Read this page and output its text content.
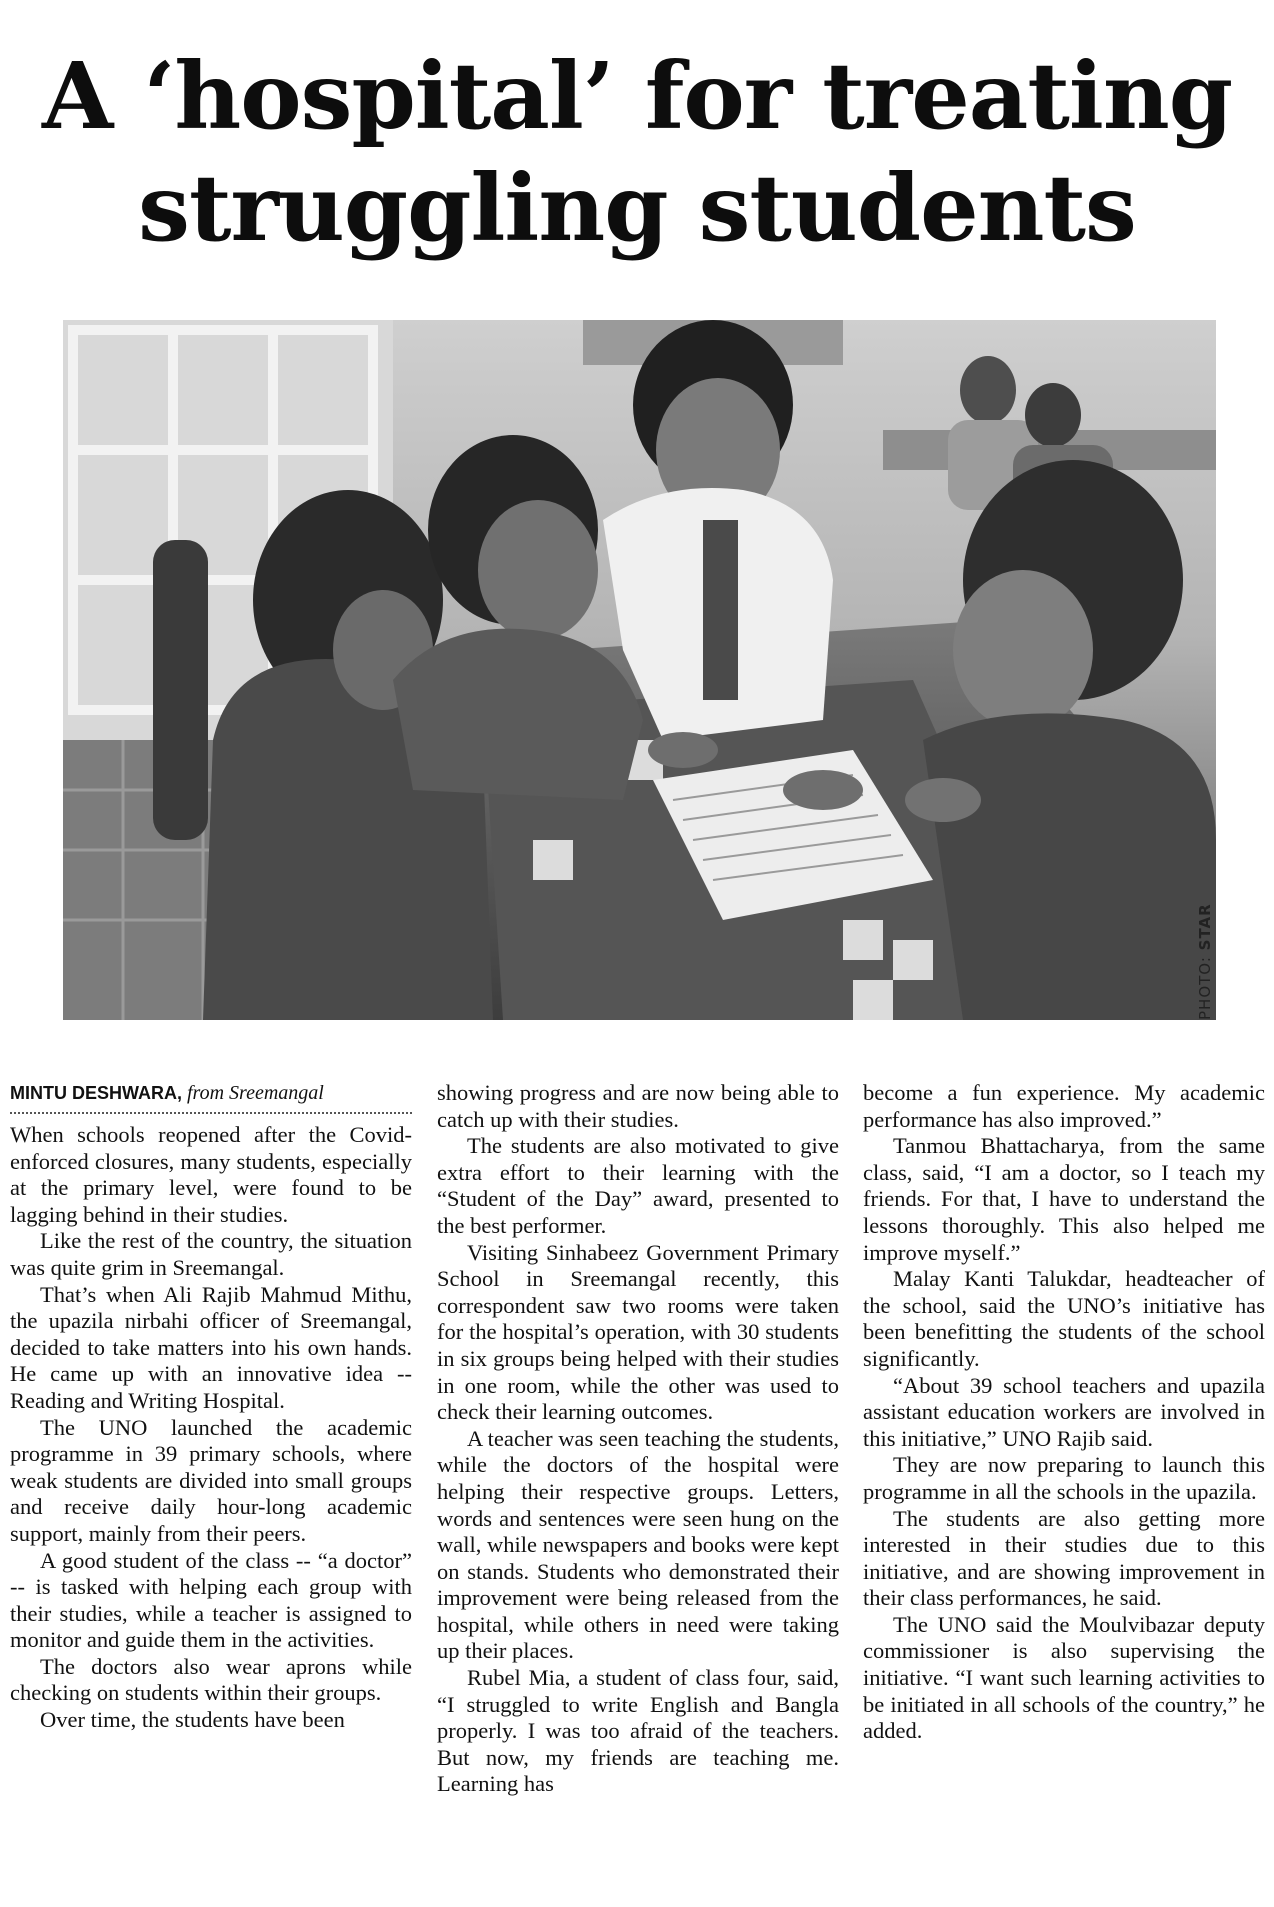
A ‘hospital’ for treating
struggling students
PHOTO: STAR
MINTU DESHWARA, from Sreemangal

When schools reopened after the Covid-enforced closures, many students, especially at the primary level, were found to be lagging behind in their studies.

Like the rest of the country, the situation was quite grim in Sreemangal.

That’s when Ali Rajib Mahmud Mithu, the upazila nirbahi officer of Sreemangal, decided to take matters into his own hands. He came up with an innovative idea -- Reading and Writing Hospital.

The UNO launched the academic programme in 39 primary schools, where weak students are divided into small groups and receive daily hour-long academic support, mainly from their peers.

A good student of the class -- “a doctor” -- is tasked with helping each group with their studies, while a teacher is assigned to monitor and guide them in the activities.

The doctors also wear aprons while checking on students within their groups.

Over time, the students have been

showing progress and are now being able to catch up with their studies.

The students are also motivated to give extra effort to their learning with the “Student of the Day” award, presented to the best performer.

Visiting Sinhabeez Government Primary School in Sreemangal recently, this correspondent saw two rooms were taken for the hospital’s operation, with 30 students in six groups being helped with their studies in one room, while the other was used to check their learning outcomes.

A teacher was seen teaching the students, while the doctors of the hospital were helping their respective groups. Letters, words and sentences were seen hung on the wall, while newspapers and books were kept on stands. Students who demonstrated their improvement were being released from the hospital, while others in need were taking up their places.

Rubel Mia, a student of class four, said, “I struggled to write English and Bangla properly. I was too afraid of the teachers. But now, my friends are teaching me. Learning has

become a fun experience. My academic performance has also improved.”

Tanmou Bhattacharya, from the same class, said, “I am a doctor, so I teach my friends. For that, I have to understand the lessons thoroughly. This also helped me improve myself.”

Malay Kanti Talukdar, headteacher of the school, said the UNO’s initiative has been benefitting the students of the school significantly.

“About 39 school teachers and upazila assistant education workers are involved in this initiative,” UNO Rajib said.

They are now preparing to launch this programme in all the schools in the upazila.

The students are also getting more interested in their studies due to this initiative, and are showing improvement in their class performances, he said.

The UNO said the Moulvibazar deputy commissioner is also supervising the initiative. “I want such learning activities to be initiated in all schools of the country,” he added.
